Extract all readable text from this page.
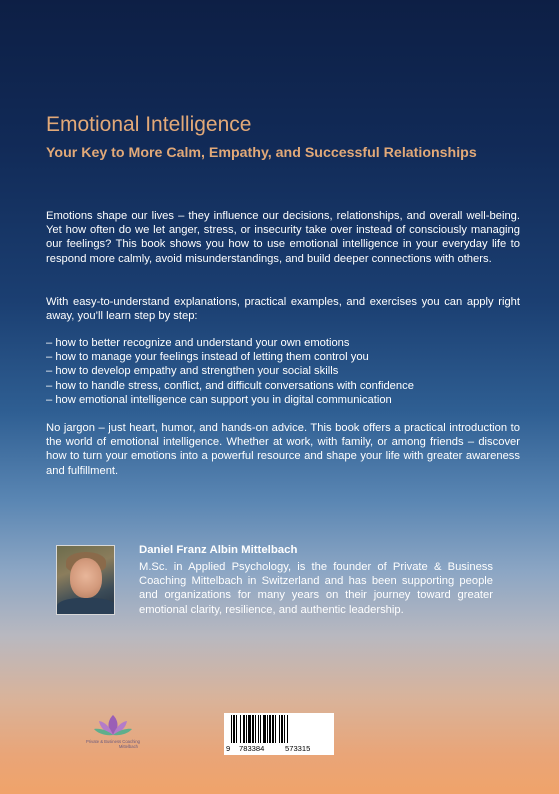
Emotional Intelligence
Your Key to More Calm, Empathy, and Successful Relationships

Emotions shape our lives – they influence our decisions, relationships, and overall well-being. Yet how often do we let anger, stress, or insecurity take over instead of consciously managing our feelings? This book shows you how to use emotional intelligence in your everyday life to respond more calmly, avoid misunderstandings, and build deeper connections with others.

With easy-to-understand explanations, practical examples, and exercises you can apply right away, you’ll learn step by step:

– how to better recognize and understand your own emotions
– how to manage your feelings instead of letting them control you
– how to develop empathy and strengthen your social skills
– how to handle stress, conflict, and difficult conversations with confidence
– how emotional intelligence can support you in digital communication

No jargon – just heart, humor, and hands-on advice. This book offers a practical introduction to the world of emotional intelligence. Whether at work, with family, or among friends – discover how to turn your emotions into a powerful resource and shape your life with greater awareness and fulfillment.

Daniel Franz Albin Mittelbach

M.Sc. in Applied Psychology, is the founder of Private & Business Coaching Mittelbach in Switzerland and has been supporting people and organizations for many years on their journey toward greater emotional clarity, resilience, and authentic leadership.

Private & Business Coaching
Mittelbach	9 783384	573315
